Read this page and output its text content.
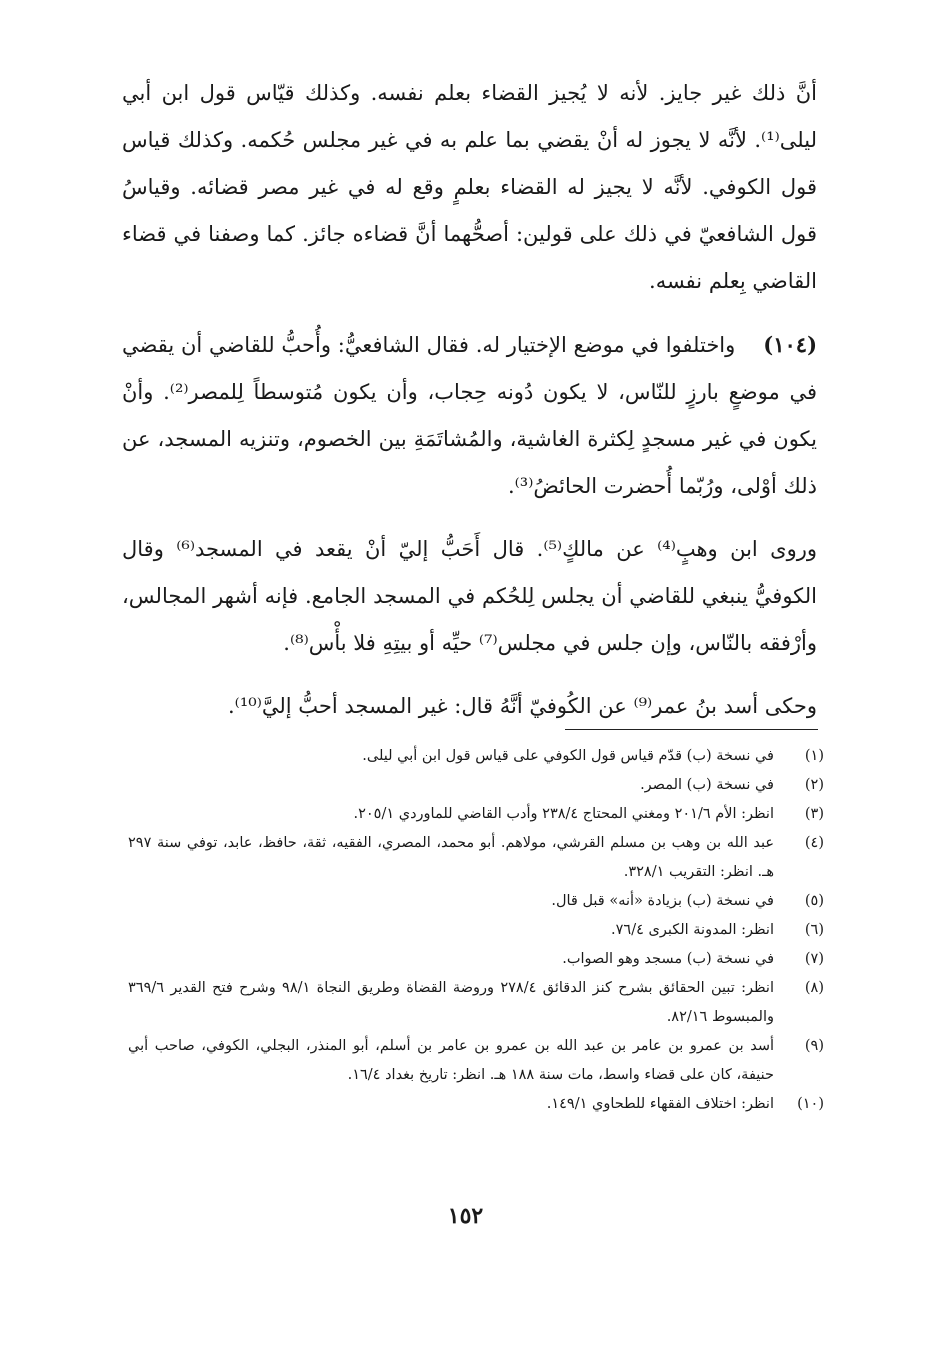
أنَّ ذلك غير جايز. لأنه لا يُجيز القضاء بعلم نفسه. وكذلك قيّاس قول ابن أبي ليلى⁽¹⁾. لأنَّه لا يجوز له أنْ يقضي بما علم به في غير مجلس حُكمه. وكذلك قياس قول الكوفي. لأنَّه لا يجيز له القضاء بعلمٍ وقع له في غير مصر قضائه. وقياسُ قول الشافعيّ في ذلك على قولين: أصحُّهما أنَّ قضاءه جائز. كما وصفنا في قضاء القاضي بِعلم نفسه.

(١٠٤)واختلفوا في موضع الإختيار له. فقال الشافعيُّ: وأُحبُّ للقاضي أن يقضي في موضعٍ بارزٍ للنّاس، لا يكون دُونه حِجاب، وأن يكون مُتوسطاً لِلمصر⁽²⁾. وأنْ يكون في غير مسجدٍ لِكثرة الغاشية، والمُشاتَمَةِ بين الخصوم، وتنزيه المسجد، عن ذلك أوْلى، ورُبّما أُحضرت الحائضُ⁽³⁾.

وروى ابن وهبٍ⁽⁴⁾ عن مالكٍ⁽⁵⁾. قال أَحَبُّ إليّ أنْ يقعد في المسجد⁽⁶⁾ وقال الكوفيُّ ينبغي للقاضي أن يجلس لِلحُكم في المسجد الجامع. فإنه أشهر المجالس، وأرْفقه بالنّاس، وإن جلس في مجلس⁽⁷⁾ حيِّه أو بيتِهِ فلا بأْس⁽⁸⁾.

وحكى أسد بنُ عمر⁽⁹⁾ عن الكُوفيّ أنَّهُ قال: غير المسجد أحبُّ إليَّ⁽¹⁰⁾.

(١)
في نسخة (ب) قدّم قياس قول الكوفي على قياس قول ابن أبي ليلى.
(٢)
في نسخة (ب) المصر.
(٣)
انظر: الأم ٢٠١/٦ ومغني المحتاج ٢٣٨/٤ وأدب القاضي للماوردي ٢٠٥/١.
(٤)
عبد الله بن وهب بن مسلم القرشي، مولاهم. أبو محمد، المصري، الفقيه، ثقة، حافظ، عابد، توفي سنة ٢٩٧ هـ. انظر: التقريب ٣٢٨/١.
(٥)
في نسخة (ب) بزيادة «أنه» قبل قال.
(٦)
انظر: المدونة الكبرى ٧٦/٤.
(٧)
في نسخة (ب) مسجد وهو الصواب.
(٨)
انظر: تبين الحقائق بشرح كنز الدقائق ٢٧٨/٤ وروضة القضاة وطريق النجاة ٩٨/١ وشرح فتح القدير ٣٦٩/٦ والمبسوط ٨٢/١٦.
(٩)
أسد بن عمرو بن عامر بن عبد الله بن عمرو بن عامر بن أسلم، أبو المنذر، البجلي، الكوفي، صاحب أبي حنيفة، كان على قضاء واسط، مات سنة ١٨٨ هـ. انظر: تاريخ بغداد ١٦/٤.
(١٠)
انظر: اختلاف الفقهاء للطحاوي ١٤٩/١.
١٥٢
